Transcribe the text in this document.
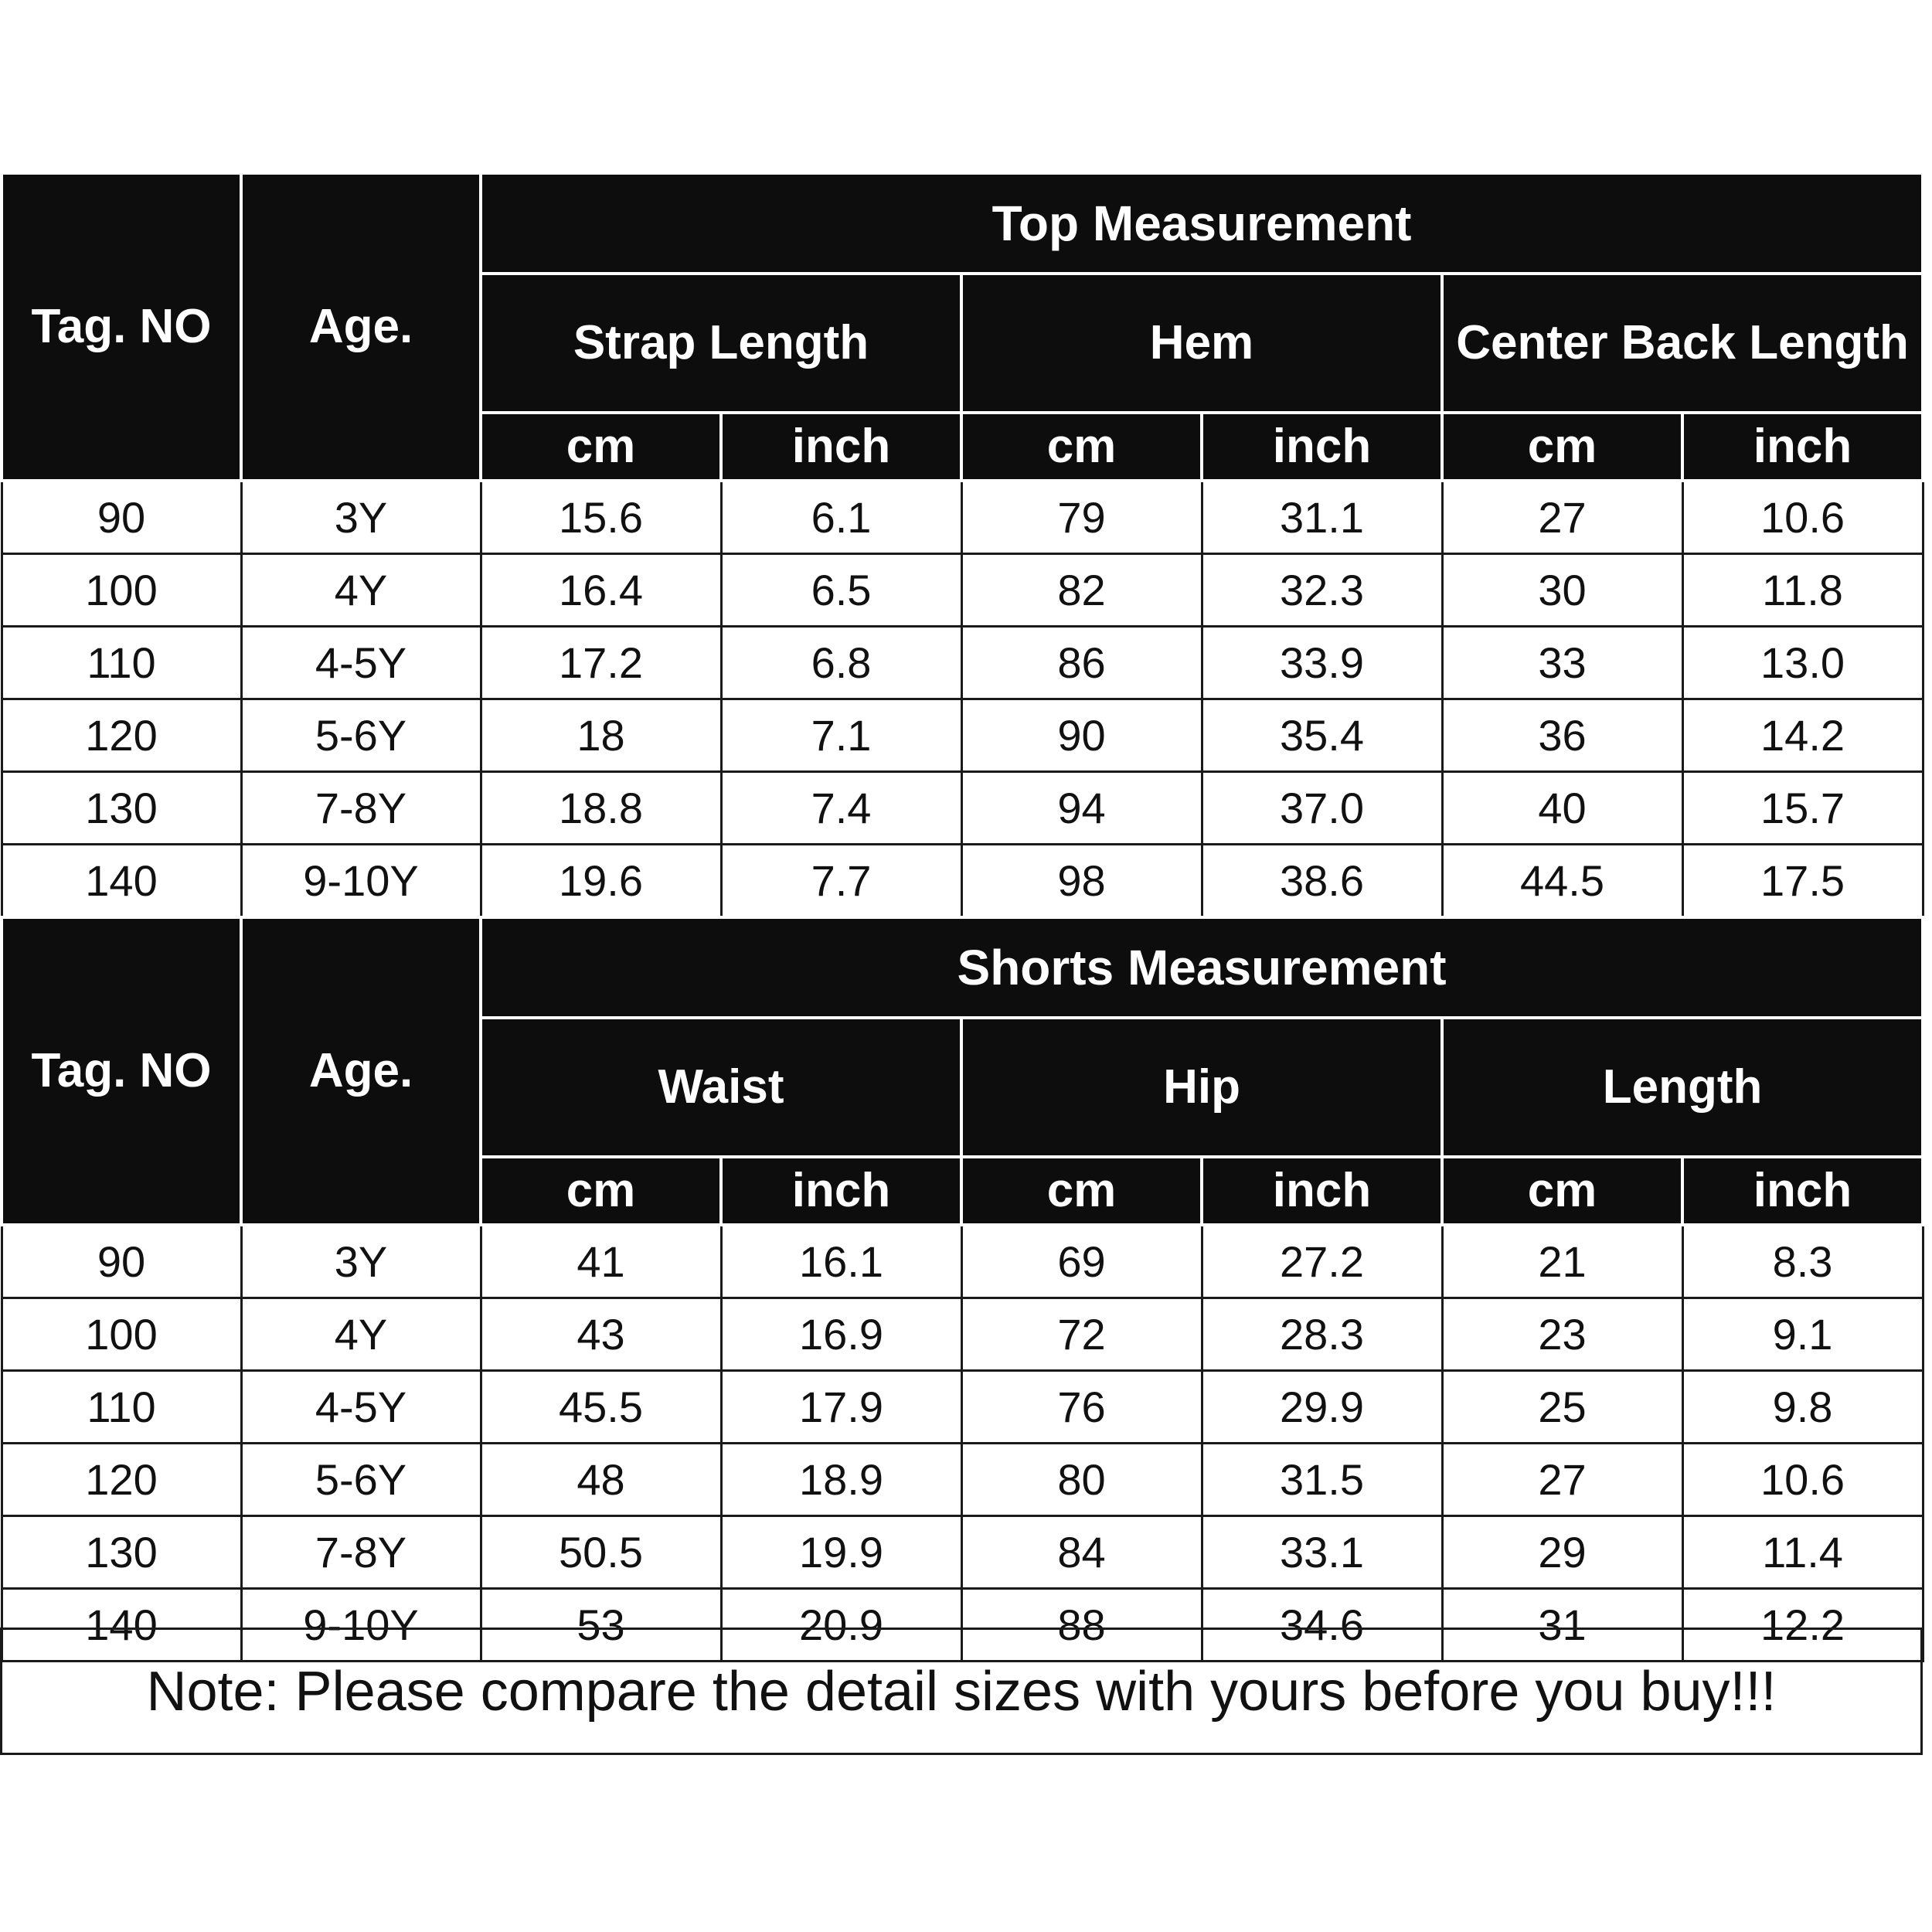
Tag. NO	Age.	Top Measurement					
		Strap Length		Hem		Center Back Length	
		cm	inch	cm	inch	cm	inch
90	3Y	15.6	6.1	79	31.1	27	10.6
100	4Y	16.4	6.5	82	32.3	30	11.8
110	4-5Y	17.2	6.8	86	33.9	33	13.0
120	5-6Y	18	7.1	90	35.4	36	14.2
130	7-8Y	18.8	7.4	94	37.0	40	15.7
140	9-10Y	19.6	7.7	98	38.6	44.5	17.5
Tag. NO	Age.	Shorts Measurement					
		Waist		Hip		Length	
		cm	inch	cm	inch	cm	inch
90	3Y	41	16.1	69	27.2	21	8.3
100	4Y	43	16.9	72	28.3	23	9.1
110	4-5Y	45.5	17.9	76	29.9	25	9.8
120	5-6Y	48	18.9	80	31.5	27	10.6
130	7-8Y	50.5	19.9	84	33.1	29	11.4
140	9-10Y	53	20.9	88	34.6	31	12.2
Note: Please compare the detail sizes with yours before you buy!!!
